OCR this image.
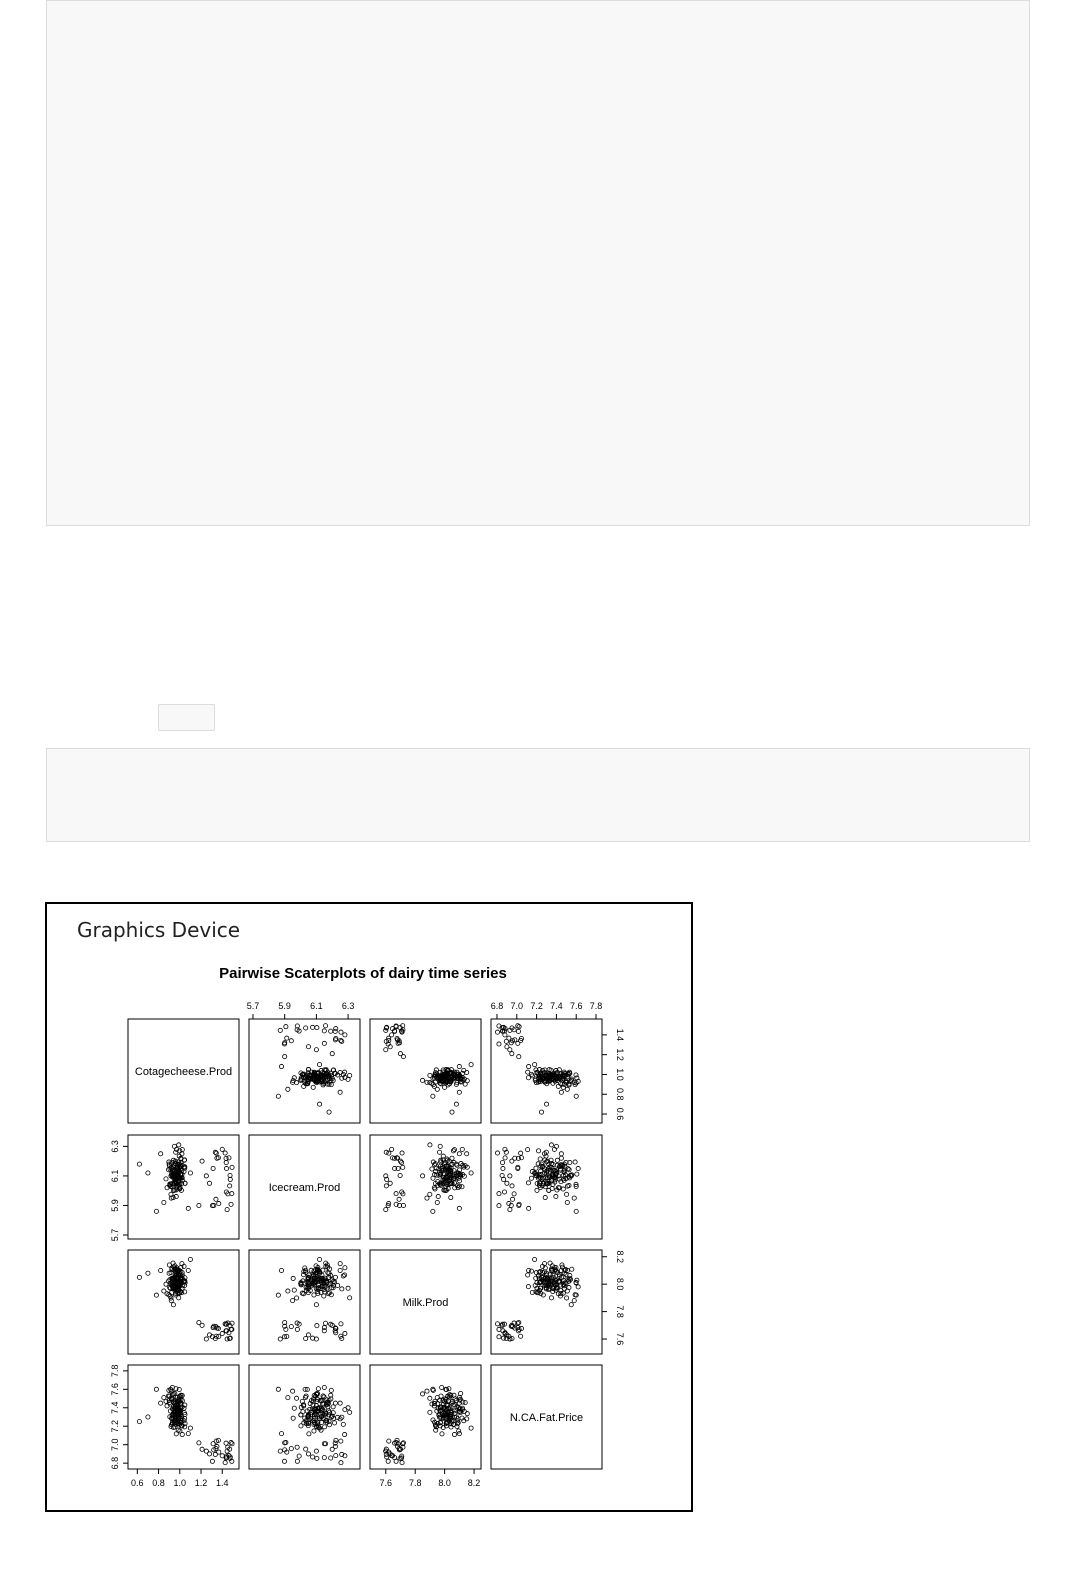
Graphics Device
Pairwise Scaterplots of dairy time series
Cotagecheese.Prod
Icecream.Prod
Milk.Prod
N.CA.Fat.Price
5.7 5.9 6.1 6.3	6.8 7.0 7.2 7.4 7.6 7.8
0.6 0.8 1.0 1.2 1.4	7.6 7.8 8.0 8.2
5.7
5.9
6.1
6.3
6.8
7.0
7.2
7.4
7.6
7.8
0.6
0.8
1.0
1.2
1.4
7.6
7.8
8.0
8.2
